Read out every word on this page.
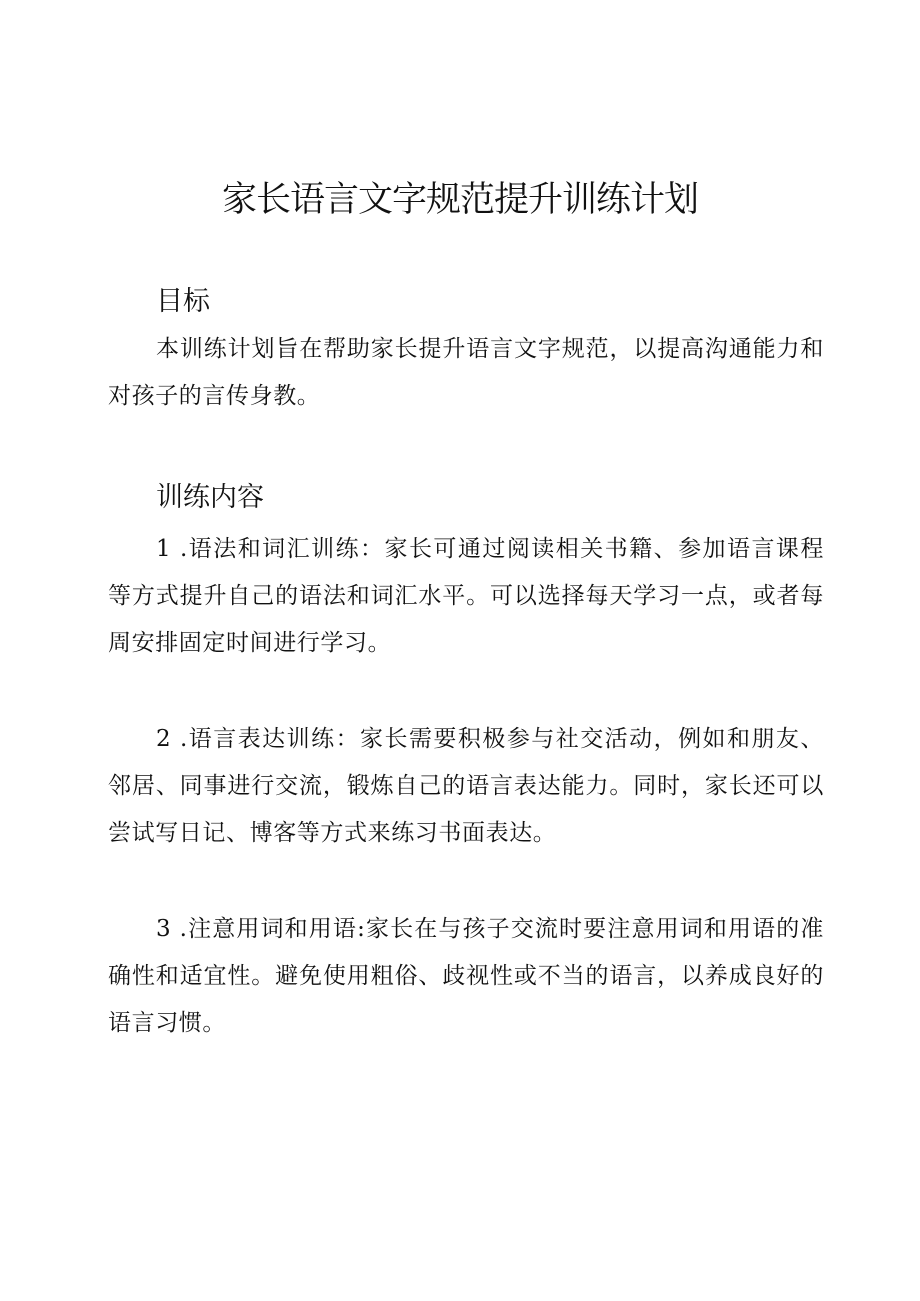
家长语言文字规范提升训练计划
目标

本训练计划旨在帮助家长提升语言文字规范，以提高沟通能力和对孩子的言传身教。

训练内容

1 .语法和词汇训练：家长可通过阅读相关书籍、参加语言课程等方式提升自己的语法和词汇水平。可以选择每天学习一点，或者每周安排固定时间进行学习。

2 .语言表达训练：家长需要积极参与社交活动，例如和朋友、邻居、同事进行交流，锻炼自己的语言表达能力。同时，家长还可以尝试写日记、博客等方式来练习书面表达。

3 .注意用词和用语:家长在与孩子交流时要注意用词和用语的准确性和适宜性。避免使用粗俗、歧视性或不当的语言，以养成良好的语言习惯。
